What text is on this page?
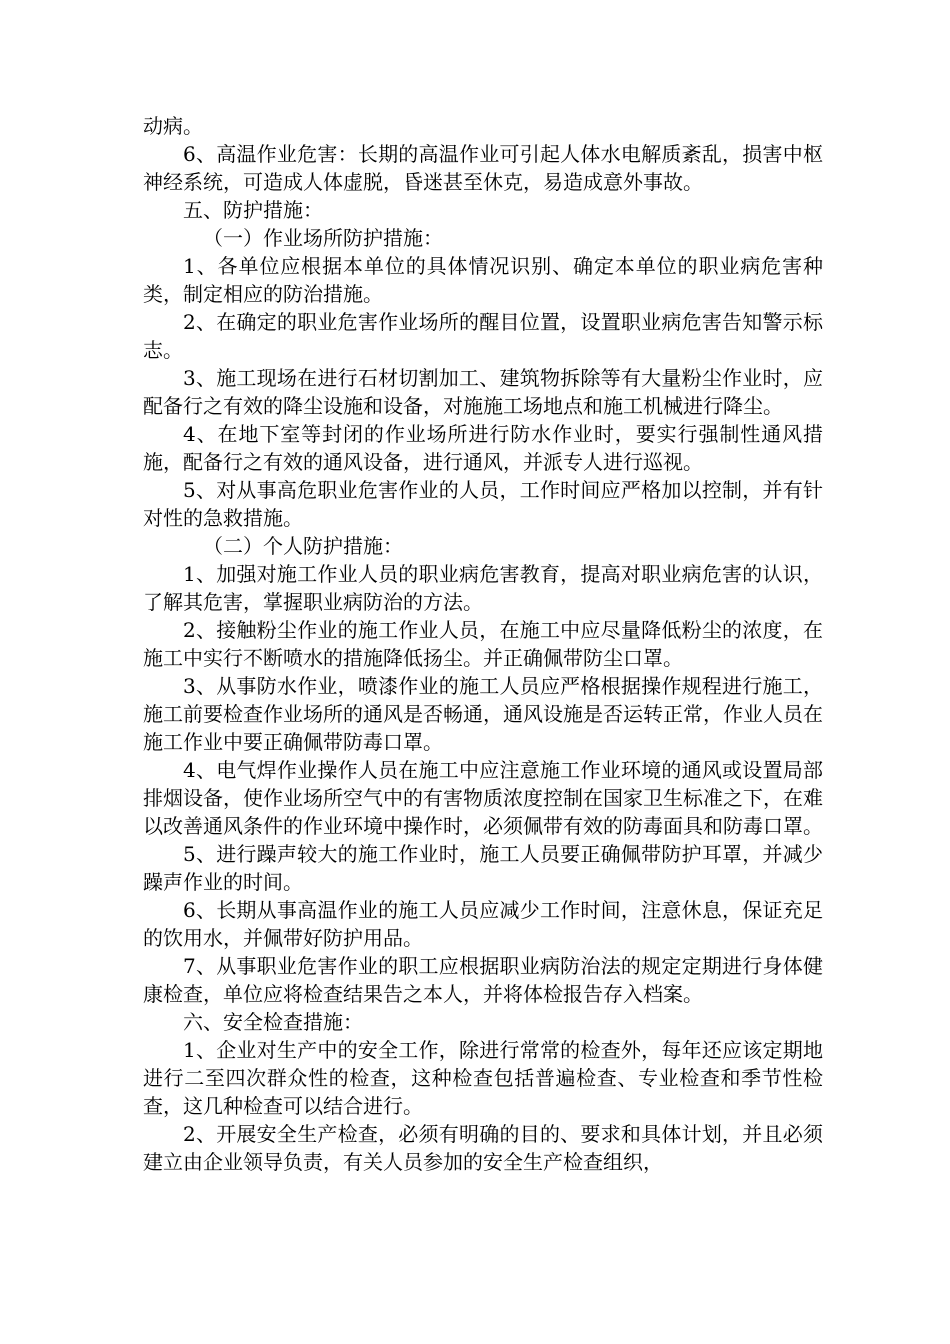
动病。

6、高温作业危害：长期的高温作业可引起人体水电解质紊乱，损害中枢神经系统，可造成人体虚脱，昏迷甚至休克，易造成意外事故。

五、防护措施：

（一）作业场所防护措施：

1、各单位应根据本单位的具体情况识别、确定本单位的职业病危害种类，制定相应的防治措施。

2、在确定的职业危害作业场所的醒目位置，设置职业病危害告知警示标志。

3、施工现场在进行石材切割加工、建筑物拆除等有大量粉尘作业时，应配备行之有效的降尘设施和设备，对施施工场地点和施工机械进行降尘。

4、在地下室等封闭的作业场所进行防水作业时，要实行强制性通风措施，配备行之有效的通风设备，进行通风，并派专人进行巡视。

5、对从事高危职业危害作业的人员，工作时间应严格加以控制，并有针对性的急救措施。

（二）个人防护措施：

1、加强对施工作业人员的职业病危害教育，提高对职业病危害的认识，了解其危害，掌握职业病防治的方法。

2、接触粉尘作业的施工作业人员，在施工中应尽量降低粉尘的浓度，在施工中实行不断喷水的措施降低扬尘。并正确佩带防尘口罩。

3、从事防水作业，喷漆作业的施工人员应严格根据操作规程进行施工，施工前要检查作业场所的通风是否畅通，通风设施是否运转正常，作业人员在施工作业中要正确佩带防毒口罩。

4、电气焊作业操作人员在施工中应注意施工作业环境的通风或设置局部排烟设备，使作业场所空气中的有害物质浓度控制在国家卫生标准之下，在难以改善通风条件的作业环境中操作时，必须佩带有效的防毒面具和防毒口罩。

5、进行躁声较大的施工作业时，施工人员要正确佩带防护耳罩，并减少躁声作业的时间。

6、长期从事高温作业的施工人员应减少工作时间，注意休息，保证充足的饮用水，并佩带好防护用品。

7、从事职业危害作业的职工应根据职业病防治法的规定定期进行身体健康检查，单位应将检查结果告之本人，并将体检报告存入档案。

六、安全检查措施：

1、企业对生产中的安全工作，除进行常常的检查外，每年还应该定期地进行二至四次群众性的检查，这种检查包括普遍检查、专业检查和季节性检查，这几种检查可以结合进行。

2、开展安全生产检查，必须有明确的目的、要求和具体计划，并且必须建立由企业领导负责，有关人员参加的安全生产检查组织，
